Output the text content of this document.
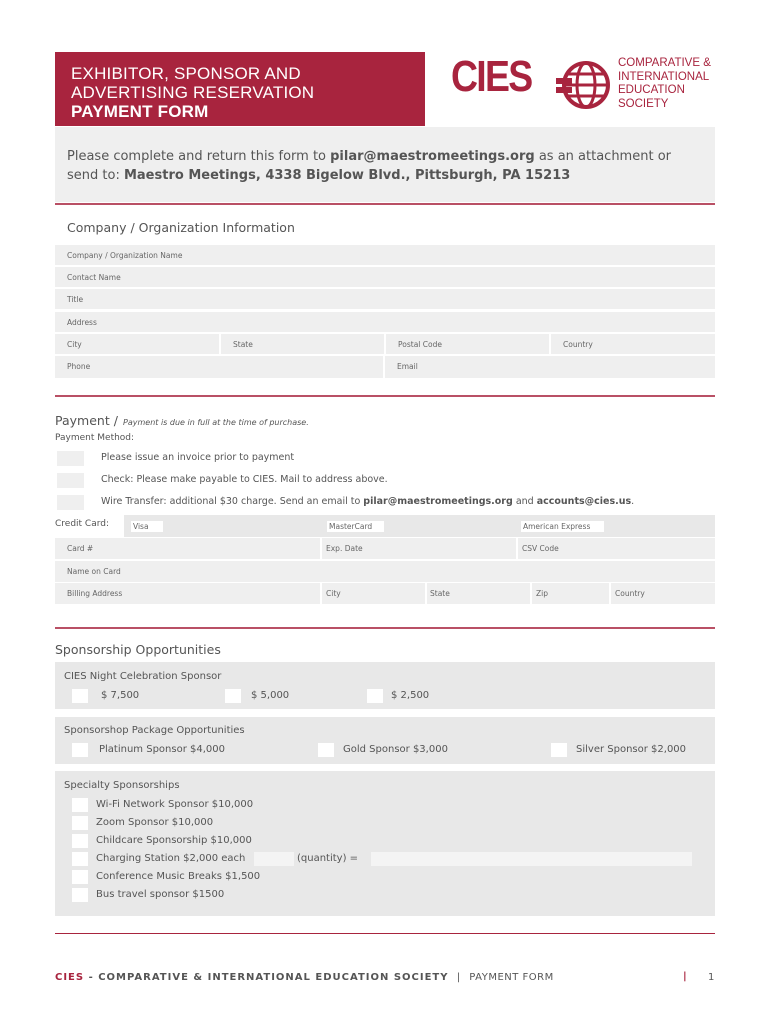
EXHIBITOR, SPONSOR AND
ADVERTISING RESERVATION
PAYMENT FORM
CIES	COMPARATIVE &
INTERNATIONAL
EDUCATION
SOCIETY
Please complete and return this form to pilar@maestromeetings.org as an attachment or send to: Maestro Meetings, 4338 Bigelow Blvd., Pittsburgh, PA 15213
Company / Organization Information
Company / Organization Name
Contact Name
Title
Address
City	State	Postal Code	Country
Phone	Email
Payment / Payment is due in full at the time of purchase.
Payment Method:
Please issue an invoice prior to payment
Check: Please make payable to CIES. Mail to address above.
Wire Transfer: additional $30 charge. Send an email to pilar@maestromeetings.org and accounts@cies.us.
Credit Card:	Visa	MasterCard	American Express
Card #	Exp. Date	CSV Code
Name on Card
Billing Address	City	State	Zip	Country
Sponsorship Opportunities
CIES Night Celebration Sponsor
$ 7,500	$ 5,000	$ 2,500
Sponsorshop Package Opportunities
Platinum Sponsor $4,000	Gold Sponsor $3,000	Silver Sponsor $2,000
Specialty Sponsorships
Wi-Fi Network Sponsor $10,000
Zoom Sponsor $10,000
Childcare Sponsorship $10,000
Charging Station $2,000 each	(quantity) =
Conference Music Breaks $1,500
Bus travel sponsor $1500
CIES - COMPARATIVE & INTERNATIONAL EDUCATION SOCIETY | PAYMENT FORM	| 1
